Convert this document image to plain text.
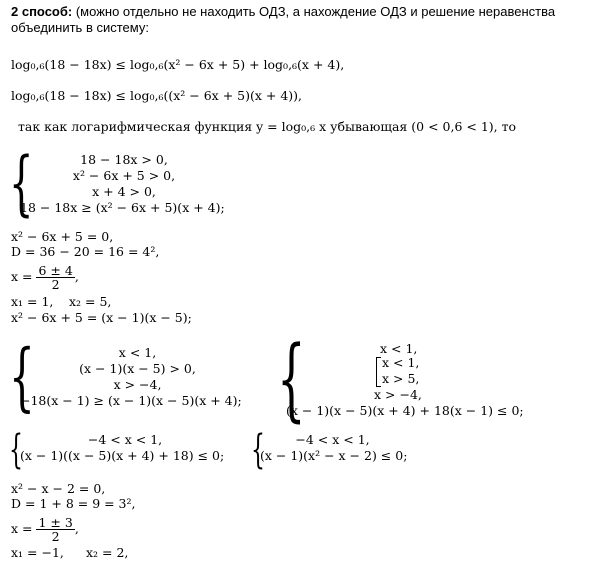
2 способ: (можно отдельно не находить ОДЗ, а нахождение ОДЗ и решение неравенства объединить в систему:
log₀,₆(18 − 18x) ≤ log₀,₆(x² − 6x + 5) + log₀,₆(x + 4),
log₀,₆(18 − 18x) ≤ log₀,₆((x² − 6x + 5)(x + 4)),
так как логарифмическая функция y = log₀,₆ x убывающая (0 < 0,6 < 1), то
{	18 − 18x > 0,
x² − 6x + 5 > 0,
x + 4 > 0,
18 − 18x ≥ (x² − 6x + 5)(x + 4);
x² − 6x + 5 = 0,
D = 36 − 20 = 16 = 4²,
$x = \frac{6 \pm 4}{2}$ ,
x₁ = 1, x₂ = 5,
x² − 6x + 5 = (x − 1)(x − 5);
{	x < 1,
(x − 1)(x − 5) > 0,
x > −4,
−18(x − 1) ≥ (x − 1)(x − 5)(x + 4); {	x < 1,
x < 1,
x > 5,
x > −4,
(x − 1)(x − 5)(x + 4) + 18(x − 1) ≤ 0;
{	−4 < x < 1,
(x − 1)((x − 5)(x + 4) + 18) ≤ 0; {	−4 < x < 1,
(x − 1)(x² − x − 2) ≤ 0;
x² − x − 2 = 0,
D = 1 + 8 = 9 = 3²,
$x = \frac{1 \pm 3}{2}$ ,
x₁ = −1, x₂ = 2,
